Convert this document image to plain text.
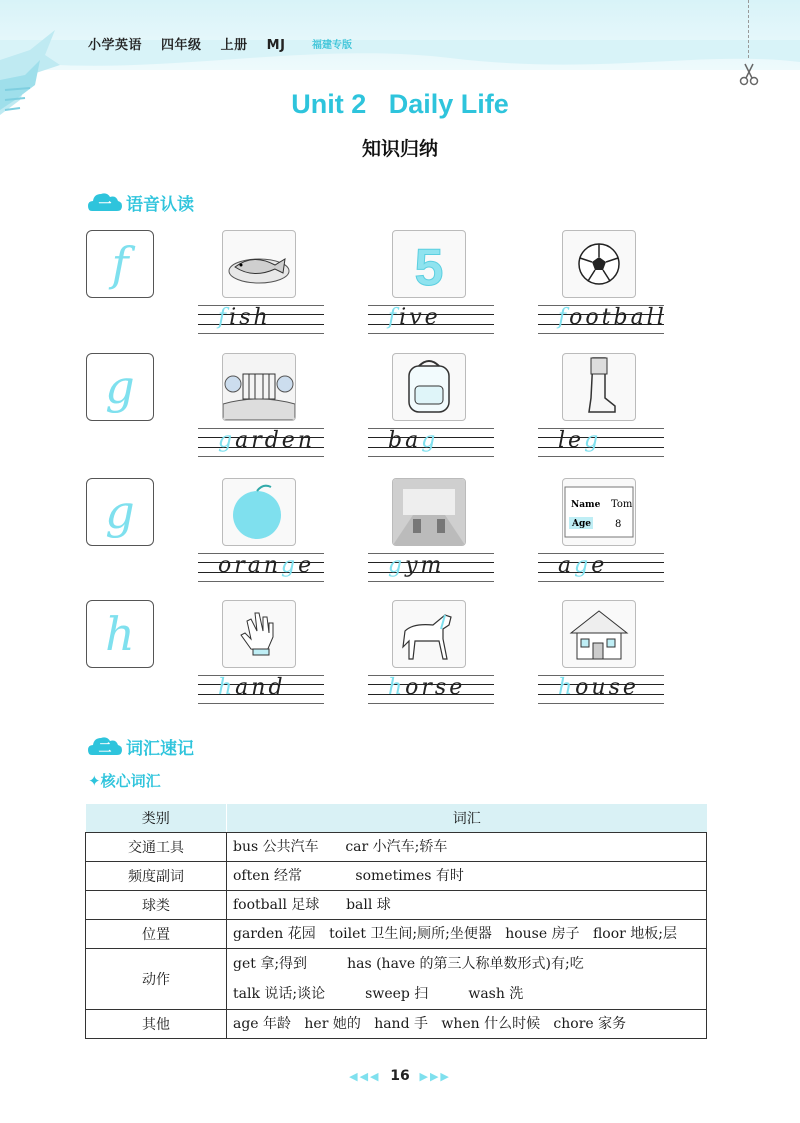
小学英语 四年级 上册 MJ	福建专版
Unit 2   Daily Life
知识归纳
一 语音认读
f
fish
5
five	football
g
garden	bag	leg
g
orange	gym
Name Tom
Age 8
age
h
hand	horse	house
二 词汇速记
✦核心词汇
类别	词汇
交通工具	bus 公共汽车      car 小汽车;轿车
频度副词	often 经常            sometimes 有时
球类	football 足球      ball 球
位置	garden 花园   toilet 卫生间;厕所;坐便器   house 房子   floor 地板;层
动作	get 拿;得到         has (have 的第三人称单数形式)有;吃
talk 说话;谈论         sweep 扫         wash 洗
其他	age 年龄   her 她的   hand 手   when 什么时候   chore 家务
◀◀◀ 16 ▶▶▶
